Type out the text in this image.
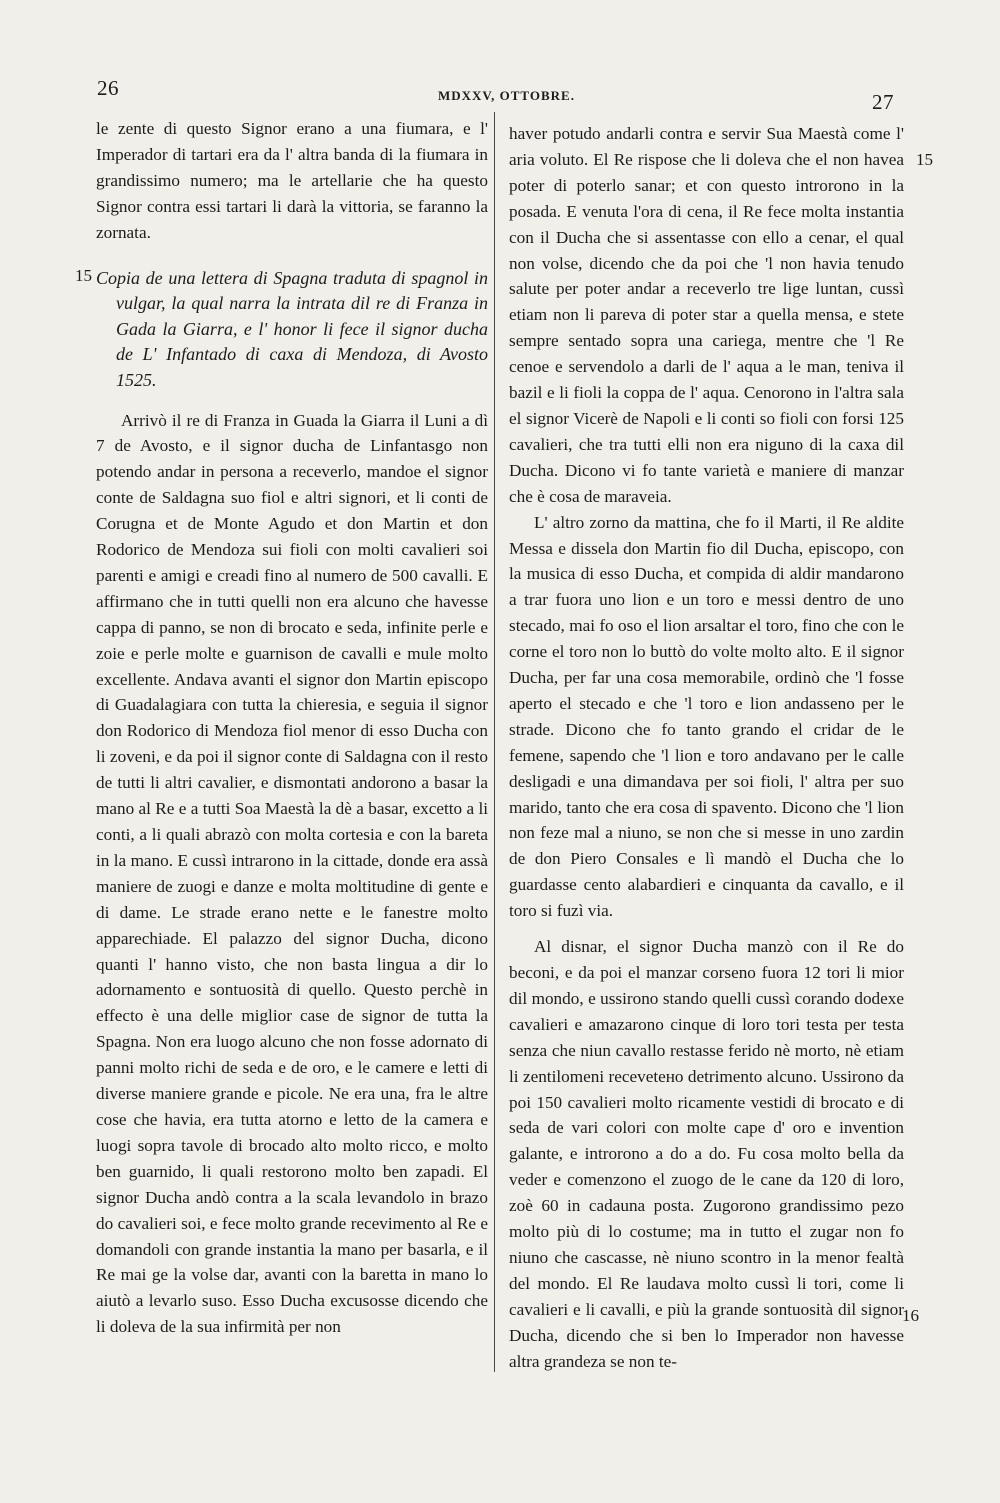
26	MDXXV, OTTOBRE.	27
15
15
16

le zente di questo Signor erano a una fiumara, e l' Imperador di tartari era da l' altra banda di la fiumara in grandissimo numero; ma le artellarie che ha questo Signor contra essi tartari li darà la vittoria, se faranno la zornata.

Copia de una lettera di Spagna traduta di spagnol in vulgar, la qual narra la intrata dil re di Franza in Gada la Giarra, e l' honor li fece il signor ducha de L' Infantado di caxa di Mendoza, di Avosto 1525.

Arrivò il re di Franza in Guada la Giarra il Luni a dì 7 de Avosto, e il signor ducha de Linfantasgo non potendo andar in persona a receverlo, mandoe el signor conte de Saldagna suo fiol e altri signori, et li conti de Corugna et de Monte Agudo et don Martin et don Rodorico de Mendoza sui fioli con molti cavalieri soi parenti e amigi e creadi fino al numero de 500 cavalli. E affirmano che in tutti quelli non era alcuno che havesse cappa di panno, se non di brocato e seda, infinite perle e zoie e perle molte e guarnison de cavalli e mule molto excellente. Andava avanti el signor don Martin episcopo di Guadalagiara con tutta la chieresia, e seguia il signor don Rodorico di Mendoza fiol menor di esso Ducha con li zoveni, e da poi il signor conte di Saldagna con il resto de tutti li altri cavalier, e dismontati andorono a basar la mano al Re e a tutti Soa Maestà la dè a basar, excetto a li conti, a li quali abrazò con molta cortesia e con la bareta in la mano. E cussì intrarono in la cittade, donde era assà maniere de zuogi e danze e molta moltitudine di gente e di dame. Le strade erano nette e le fanestre molto apparechiade. El palazzo del signor Ducha, dicono quanti l' hanno visto, che non basta lingua a dir lo adornamento e sontuosità di quello. Questo perchè in effecto è una delle miglior case de signor de tutta la Spagna. Non era luogo alcuno che non fosse adornato di panni molto richi de seda e de oro, e le camere e letti di diverse maniere grande e picole. Ne era una, fra le altre cose che havia, era tutta atorno e letto de la camera e luogi sopra tavole di brocado alto molto ricco, e molto ben guarnido, li quali restorono molto ben zapadi. El signor Ducha andò contra a la scala levandolo in brazo do cavalieri soi, e fece molto grande recevimento al Re e domandoli con grande instantia la mano per basarla, e il Re mai ge la volse dar, avanti con la baretta in mano lo aiutò a levarlo suso. Esso Ducha excusosse dicendo che li doleva de la sua infirmità per non

haver potudo andarli contra e servir Sua Maestà come l' aria voluto. El Re rispose che li doleva che el non havea poter di poterlo sanar; et con questo introrono in la posada. E venuta l'ora di cena, il Re fece molta instantia con il Ducha che si assentasse con ello a cenar, el qual non volse, dicendo che da poi che 'l non havia tenudo salute per poter andar a receverlo tre lige luntan, cussì etiam non li pareva di poter star a quella mensa, e stete sempre sentado sopra una cariega, mentre che 'l Re cenoe e servendolo a darli de l' aqua a le man, teniva il bazil e li fioli la coppa de l' aqua. Cenorono in l'altra sala el signor Vicerè de Napoli e li conti so fioli con forsi 125 cavalieri, che tra tutti elli non era niguno di la caxa dil Ducha. Dicono vi fo tante varietà e maniere di manzar che è cosa de maraveia.

L' altro zorno da mattina, che fo il Marti, il Re aldite Messa e dissela don Martin fio dil Ducha, episcopo, con la musica di esso Ducha, et compida di aldir mandarono a trar fuora uno lion e un toro e messi dentro de uno stecado, mai fo oso el lion arsaltar el toro, fino che con le corne el toro non lo buttò do volte molto alto. E il signor Ducha, per far una cosa memorabile, ordinò che 'l fosse aperto el stecado e che 'l toro e lion andasseno per le strade. Dicono che fo tanto grando el cridar de le femene, sapendo che 'l lion e toro andavano per le calle desligadi e una dimandava per soi fioli, l' altra per suo marido, tanto che era cosa di spavento. Dicono che 'l lion non feze mal a niuno, se non che si messe in uno zardin de don Piero Consales e lì mandò el Ducha che lo guardasse cento alabardieri e cinquanta da cavallo, e il toro si fuzì via.

Al disnar, el signor Ducha manzò con il Re do beconi, e da poi el manzar corseno fuora 12 tori li mior dil mondo, e ussirono stando quelli cussì corando dodexe cavalieri e amazarono cinque di loro tori testa per testa senza che niun cavallo restasse ferido nè morto, nè etiam li zentilomeni recevetено detrimento alcuno. Ussirono da poi 150 cavalieri molto ricamente vestidi di brocato e di seda de vari colori con molte cape d' oro e invention galante, e introrono a do a do. Fu cosa molto bella da veder e comenzono el zuogo de le cane da 120 di loro, zoè 60 in cadauna posta. Zugorono grandissimo pezo molto più di lo costume; ma in tutto el zugar non fo niuno che cascasse, nè niuno scontro in la menor fealtà del mondo. El Re laudava molto cussì li tori, come li cavalieri e li cavalli, e più la grande sontuosità dil signor Ducha, dicendo che si ben lo Imperador non havesse altra grandeza se non te-
